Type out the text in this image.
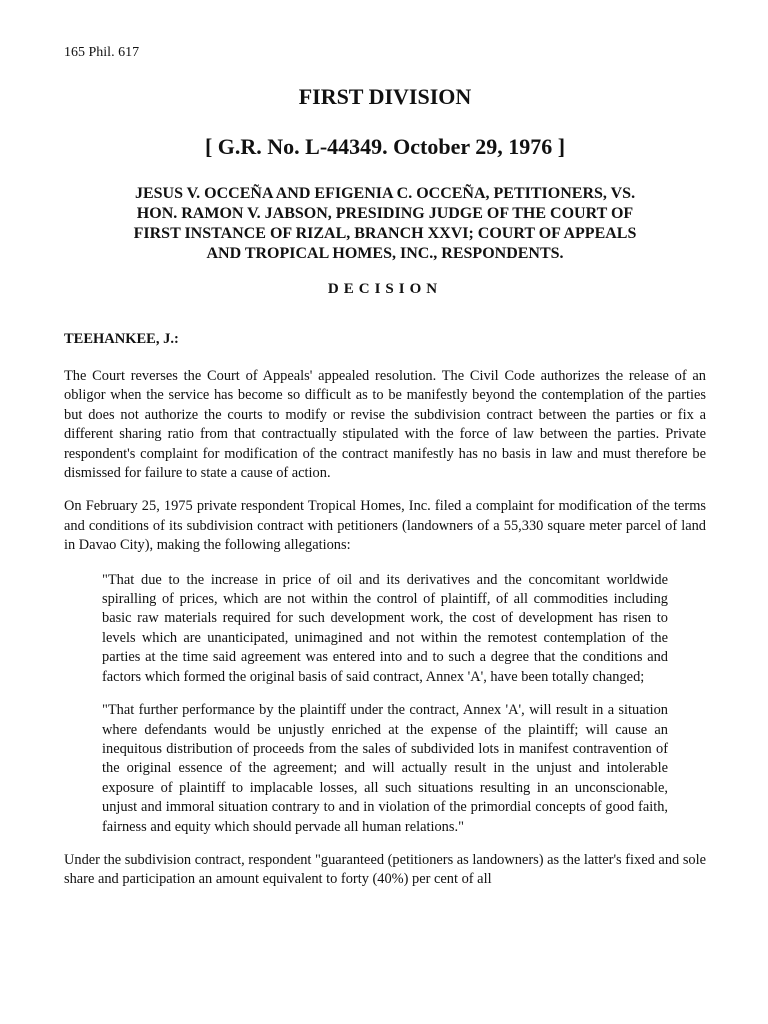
165 Phil. 617

FIRST DIVISION
[ G.R. No. L-44349. October 29, 1976 ]
JESUS V. OCCEÑA AND EFIGENIA C. OCCEÑA, PETITIONERS, VS.
HON. RAMON V. JABSON, PRESIDING JUDGE OF THE COURT OF
FIRST INSTANCE OF RIZAL, BRANCH XXVI; COURT OF APPEALS
AND TROPICAL HOMES, INC., RESPONDENTS.
DECISION
TEEHANKEE, J.:

The Court reverses the Court of Appeals' appealed resolution. The Civil Code authorizes the release of an obligor when the service has become so difficult as to be manifestly beyond the contemplation of the parties but does not authorize the courts to modify or revise the subdivision contract between the parties or fix a different sharing ratio from that contractually stipulated with the force of law between the parties. Private respondent's complaint for modification of the contract manifestly has no basis in law and must therefore be dismissed for failure to state a cause of action.

On February 25, 1975 private respondent Tropical Homes, Inc. filed a complaint for modification of the terms and conditions of its subdivision contract with petitioners (landowners of a 55,330 square meter parcel of land in Davao City), making the following allegations:

"That due to the increase in price of oil and its derivatives and the concomitant worldwide spiralling of prices, which are not within the control of plaintiff, of all commodities including basic raw materials required for such development work, the cost of development has risen to levels which are unanticipated, unimagined and not within the remotest contemplation of the parties at the time said agreement was entered into and to such a degree that the conditions and factors which formed the original basis of said contract, Annex 'A', have been totally changed;

"That further performance by the plaintiff under the contract, Annex 'A', will result in a situation where defendants would be unjustly enriched at the expense of the plaintiff; will cause an inequitous distribution of proceeds from the sales of subdivided lots in manifest contravention of the original essence of the agreement; and will actually result in the unjust and intolerable exposure of plaintiff to implacable losses, all such situations resulting in an unconscionable, unjust and immoral situation contrary to and in violation of the primordial concepts of good faith, fairness and equity which should pervade all human relations."

Under the subdivision contract, respondent "guaranteed (petitioners as landowners) as the latter's fixed and sole share and participation an amount equivalent to forty (40%) per cent of all
